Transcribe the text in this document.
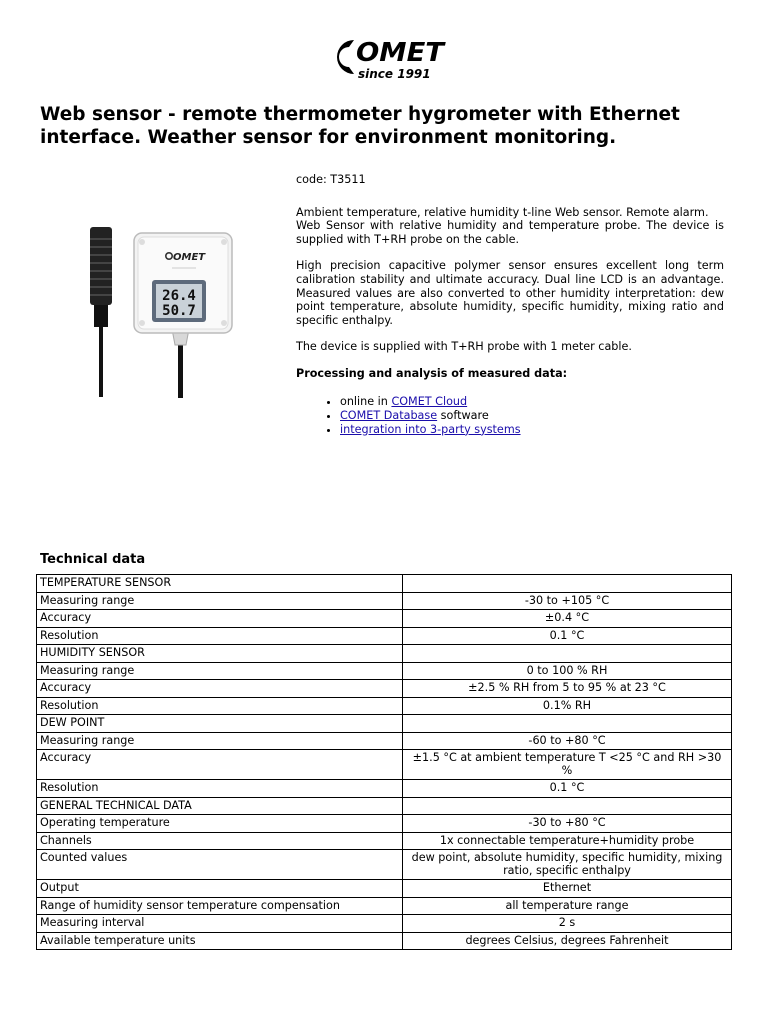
OMET
since 1991
Web sensor - remote thermometer hygrometer with Ethernet interface. Weather sensor for environment monitoring.
OMET
26.4
50.7

code: T3511

Ambient temperature, relative humidity t-line Web sensor. Remote alarm.

Web Sensor with relative humidity and temperature probe. The device is supplied with T+RH probe on the cable.

High precision capacitive polymer sensor ensures excellent long term calibration stability and ultimate accuracy. Dual line LCD is an advantage. Measured values are also converted to other humidity interpretation: dew point temperature, absolute humidity, specific humidity, mixing ratio and specific enthalpy.

The device is supplied with T+RH probe with 1 meter cable.

Processing and analysis of measured data:

• online in COMET Cloud
• COMET Database software
• integration into 3-party systems
Technical data
TEMPERATURE SENSOR	
Measuring range	-30 to +105 °C
Accuracy	±0.4 °C
Resolution	0.1 °C
HUMIDITY SENSOR	
Measuring range	0 to 100 % RH
Accuracy	±2.5 % RH from 5 to 95 % at 23 °C
Resolution	0.1% RH
DEW POINT	
Measuring range	-60 to +80 °C
Accuracy	±1.5 °C at ambient temperature T <25 °C and RH >30 %
Resolution	0.1 °C
GENERAL TECHNICAL DATA	
Operating temperature	-30 to +80 °C
Channels	1x connectable temperature+humidity probe
Counted values	dew point, absolute humidity, specific humidity, mixing ratio, specific enthalpy
Output	Ethernet
Range of humidity sensor temperature compensation	all temperature range
Measuring interval	2 s
Available temperature units	degrees Celsius, degrees Fahrenheit
